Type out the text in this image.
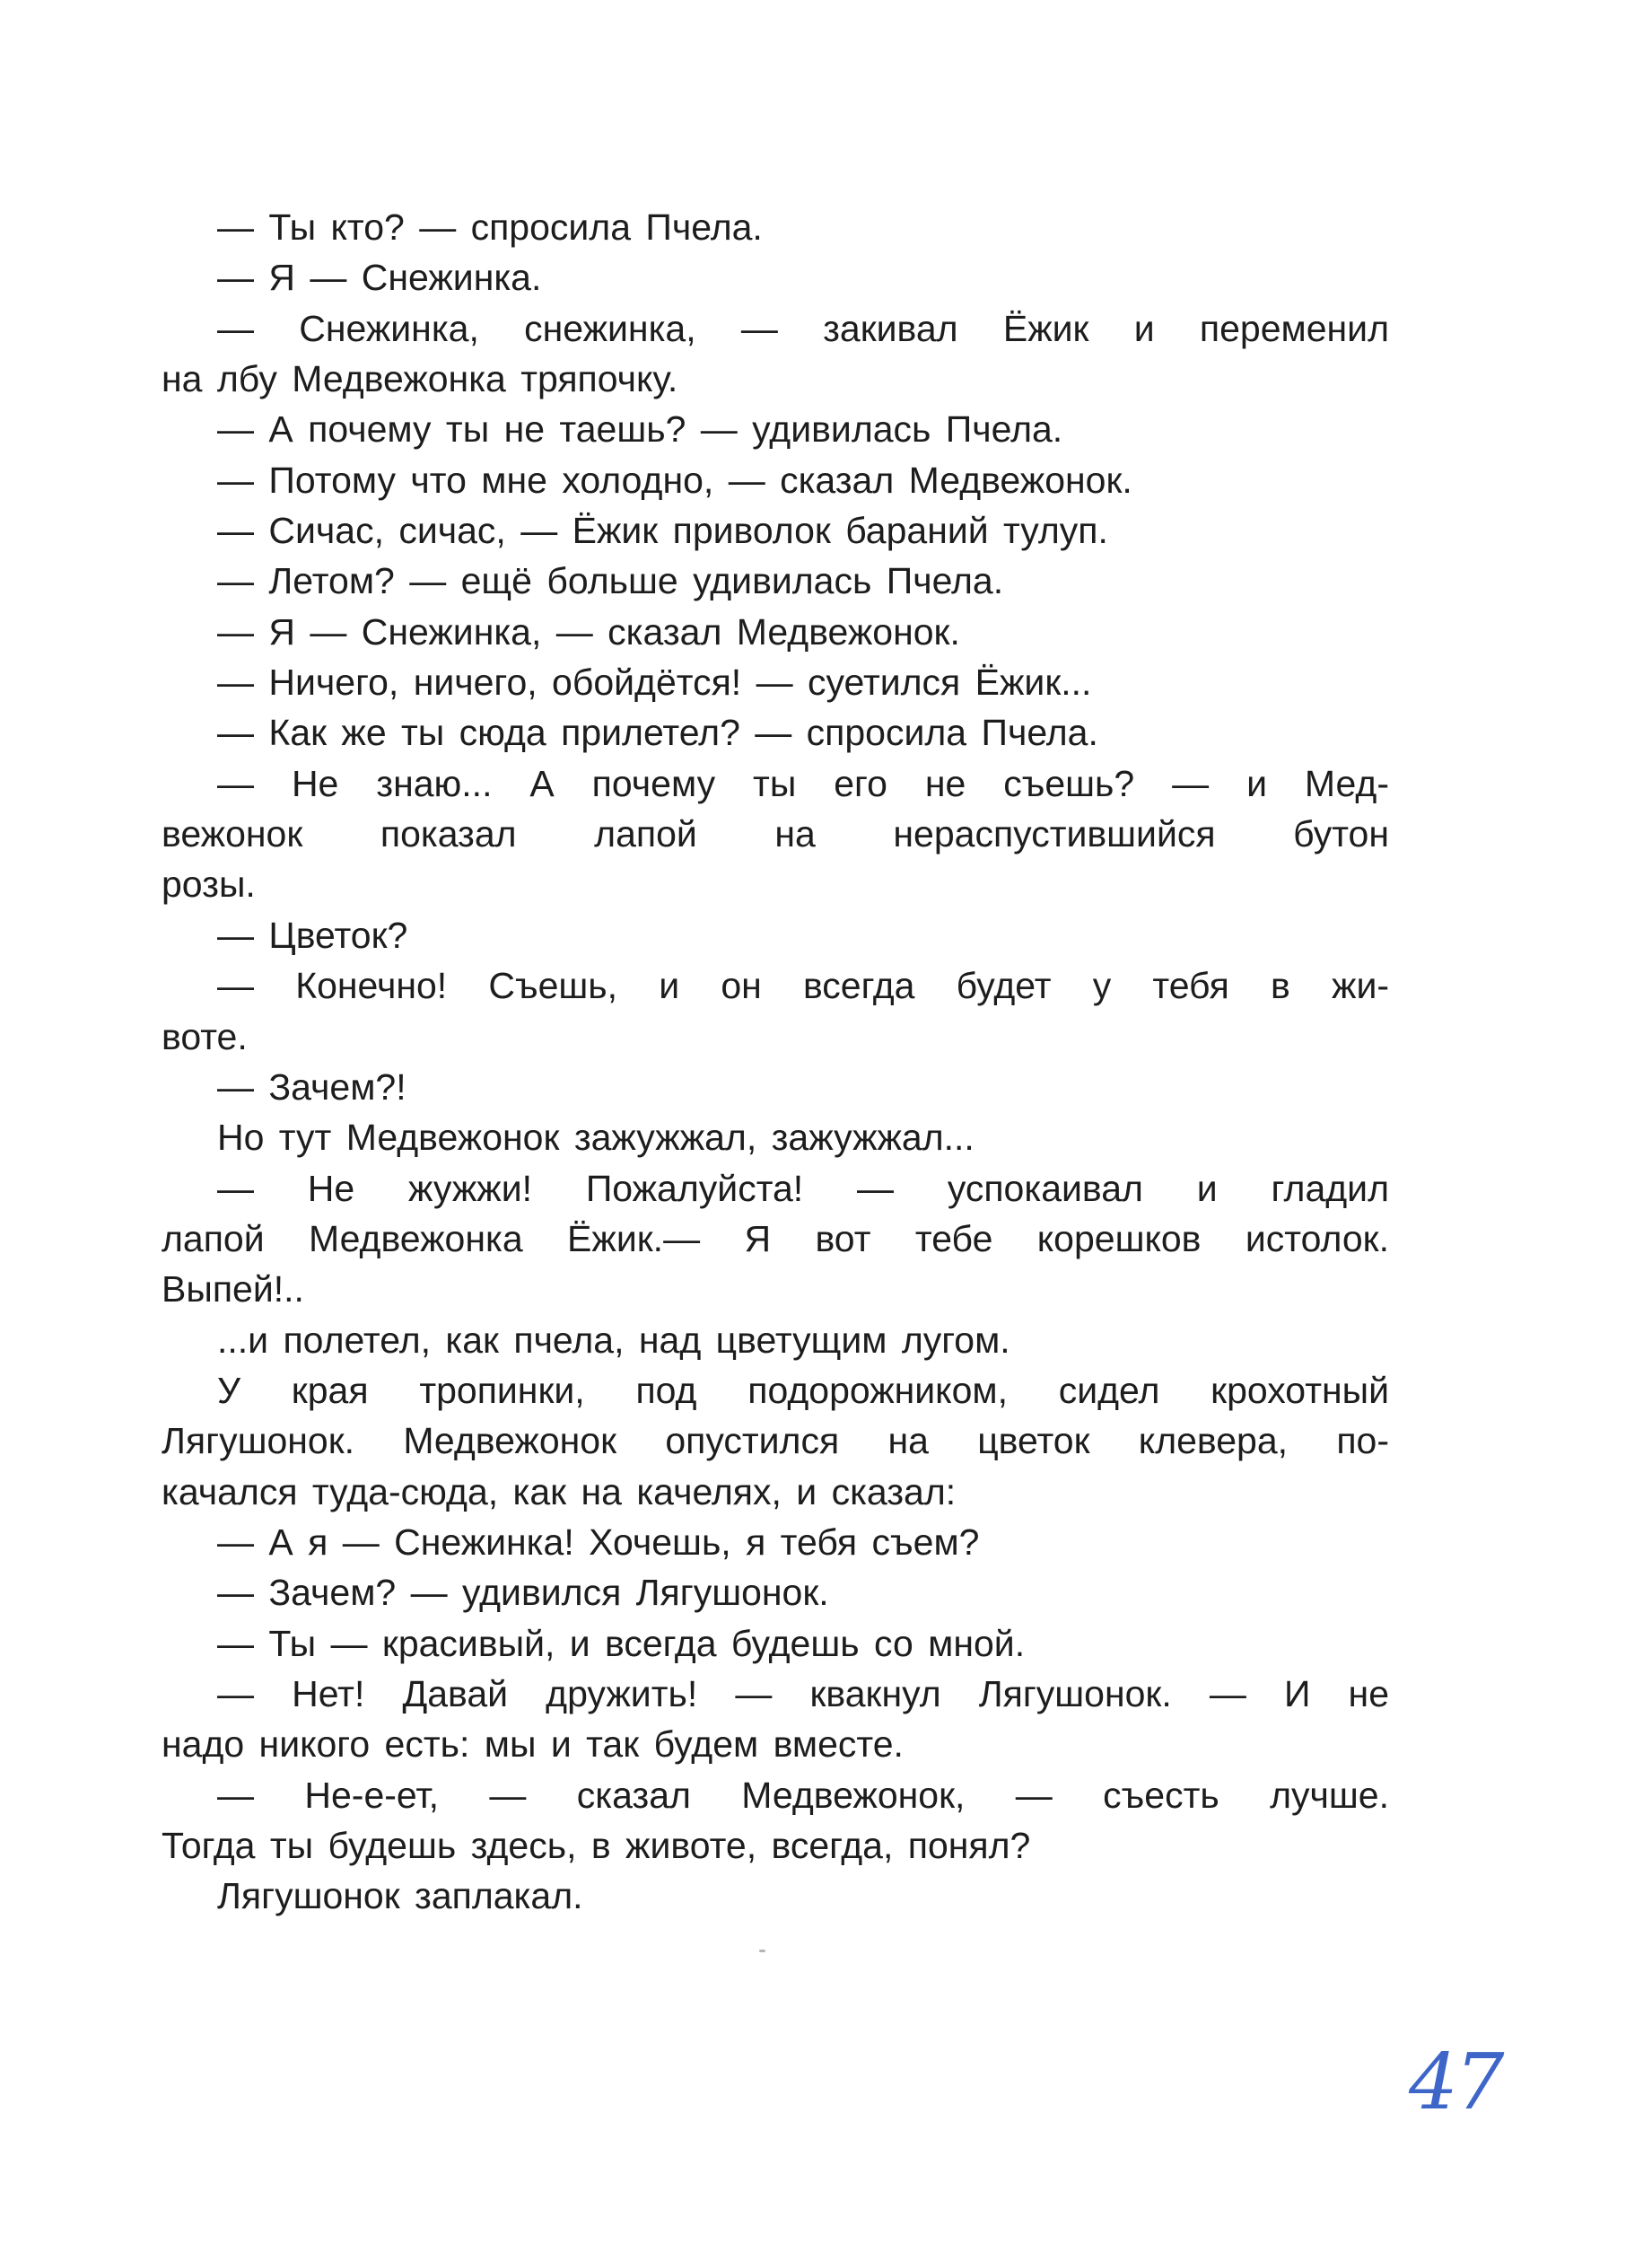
— Ты кто? — спросила Пчела.
— Я — Снежинка.
— Снежинка, снежинка, — закивал Ёжик и переменил
на лбу Медвежонка тряпочку.
— А почему ты не таешь? — удивилась Пчела.
— Потому что мне холодно, — сказал Медвежонок.
— Сичас, сичас, — Ёжик приволок бараний тулуп.
— Летом? — ещё больше удивилась Пчела.
— Я — Снежинка, — сказал Медвежонок.
— Ничего, ничего, обойдётся! — суетился Ёжик...
— Как же ты сюда прилетел? — спросила Пчела.
— Не знаю... А почему ты его не съешь? — и Мед-
вежонок показал лапой на нераспустившийся бутон
розы.
— Цветок?
— Конечно! Съешь, и он всегда будет у тебя в жи-
воте.
— Зачем?!
Но тут Медвежонок зажужжал, зажужжал...
— Не жужжи! Пожалуйста! — успокаивал и гладил
лапой Медвежонка Ёжик.— Я вот тебе корешков истолок.
Выпей!..
...и полетел, как пчела, над цветущим лугом.
У края тропинки, под подорожником, сидел крохотный
Лягушонок. Медвежонок опустился на цветок клевера, по-
качался туда-сюда, как на качелях, и сказал:
— А я — Снежинка! Хочешь, я тебя съем?
— Зачем? — удивился Лягушонок.
— Ты — красивый, и всегда будешь со мной.
— Нет! Давай дружить! — квакнул Лягушонок. — И не
надо никого есть: мы и так будем вместе.
— Не-е-ет, — сказал Медвежонок, — съесть лучше.
Тогда ты будешь здесь, в животе, всегда, понял?
Лягушонок заплакал.
47
